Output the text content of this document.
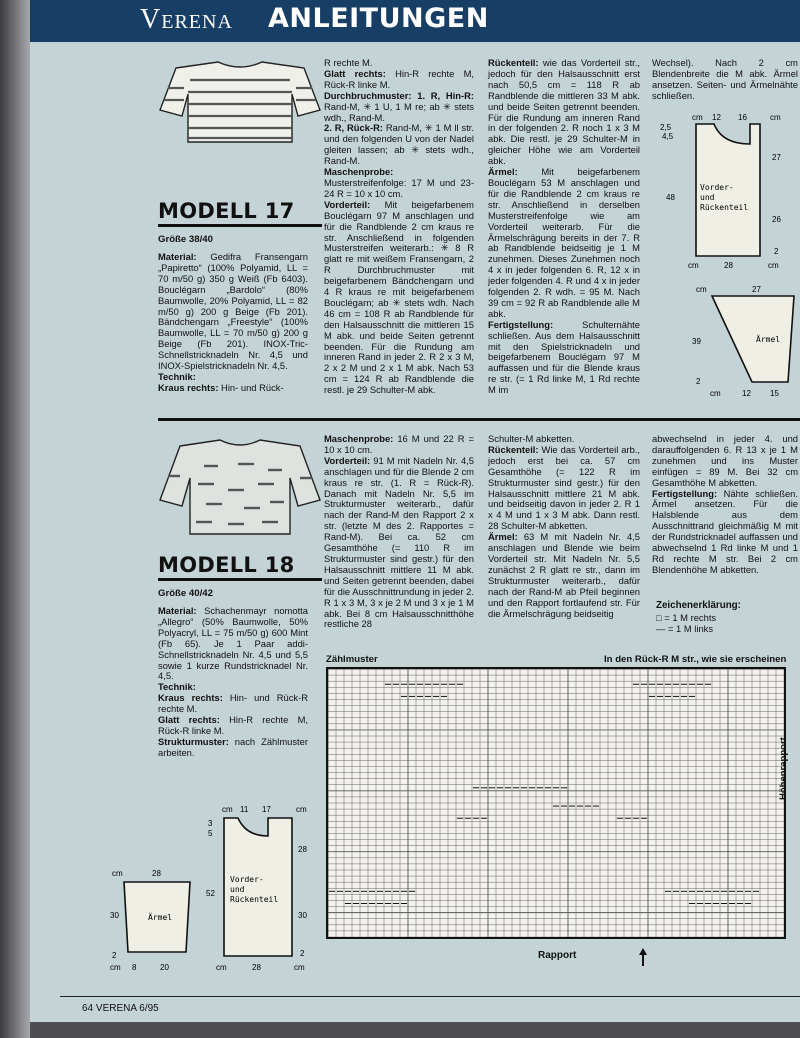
Verena ANLEITUNGEN
MODELL 17
Größe 38/40

Material: Gedifra Fransengarn „Papiretto“ (100% Polyamid, LL = 70 m/50 g) 350 g Weiß (Fb 6403). Bouclégarn „Bardolo“ (80% Baumwolle, 20% Polyamid, LL = 82 m/50 g) 200 g Beige (Fb 201). Bändchengarn „Freestyle“ (100% Baumwolle, LL = 70 m/50 g) 200 g Beige (Fb 201). INOX-Tric-Schnellstricknadeln Nr. 4,5 und INOX-Spielstricknadeln Nr. 4,5.

Technik:

Kraus rechts: Hin- und Rück-

R rechte M.

Glatt rechts: Hin-R rechte M, Rück-R linke M.

Durchbruchmuster: 1. R, Hin-R: Rand-M, ✳ 1 U, 1 M re; ab ✳ stets wdh., Rand-M.

2. R, Rück-R: Rand-M, ✳ 1 M ll str. und den folgenden U von der Nadel gleiten lassen; ab ✳ stets wdh., Rand-M.

Maschenprobe: Musterstreifenfolge: 17 M und 23-24 R = 10 x 10 cm.

Vorderteil: Mit beigefarbenem Bouclégarn 97 M anschlagen und für die Randblende 2 cm kraus re str. Anschließend in folgenden Musterstreifen weiterarb.: ✳ 8 R glatt re mit weißem Fransengarn, 2 R Durchbruchmuster mit beigefarbenem Bändchengarn und 4 R kraus re mit beigefarbenem Bouclégarn; ab ✳ stets wdh. Nach 46 cm = 108 R ab Randblende für den Halsausschnitt die mittleren 15 M abk. und beide Seiten getrennt beenden. Für die Rundung am inneren Rand in jeder 2. R 2 x 3 M, 2 x 2 M und 2 x 1 M abk. Nach 53 cm = 124 R ab Randblende die restl. je 29 Schulter-M abk.

Rückenteil: wie das Vorderteil str., jedoch für den Halsausschnitt erst nach 50,5 cm = 118 R ab Randblende die mittleren 33 M abk. und beide Seiten getrennt beenden. Für die Rundung am inneren Rand in der folgenden 2. R noch 1 x 3 M abk. Die restl. je 29 Schulter-M in gleicher Höhe wie am Vorderteil abk.

Ärmel: Mit beigefarbenem Bouclégarn 53 M anschlagen und für die Randblende 2 cm kraus re str. Anschließend in derselben Musterstreifenfolge wie am Vorderteil weiterarb. Für die Ärmelschrägung bereits in der 7. R ab Randblende beidseitig je 1 M zunehmen. Dieses Zunehmen noch 4 x in jeder folgenden 6. R, 12 x in jeder folgenden 4. R und 4 x in jeder folgenden 2. R wdh. = 95 M. Nach 39 cm = 92 R ab Randblende alle M abk.

Fertigstellung: Schulternähte schließen. Aus dem Halsausschnitt mit den Spielstricknadeln und beigefarbenem Bouclégarn 97 M auffassen und für die Blende kraus re str. (= 1 Rd linke M, 1 Rd rechte M im

Wechsel). Nach 2 cm Blendenbreite die M abk. Ärmel ansetzen. Seiten- und Ärmelnähte schließen.

Vorder-
und
Rückenteil
cm 12 16	cm
2,5
4,5
48
27
26
2
cm	28	cm
Ärmel
cm	27
39
2
cm	12 15
MODELL 18
Größe 40/42

Material: Schachenmayr nomotta „Allegro“ (50% Baumwolle, 50% Polyacryl, LL = 75 m/50 g) 600 Mint (Fb 65). Je 1 Paar addi-Schnellstricknadeln Nr. 4,5 und 5,5 sowie 1 kurze Rundstricknadel Nr. 4,5.

Technik:

Kraus rechts: Hin- und Rück-R rechte M.

Glatt rechts: Hin-R rechte M, Rück-R linke M.

Strukturmuster: nach Zählmuster arbeiten.

Maschenprobe: 16 M und 22 R = 10 x 10 cm.

Vorderteil: 91 M mit Nadeln Nr. 4,5 anschlagen und für die Blende 2 cm kraus re str. (1. R = Rück-R). Danach mit Nadeln Nr. 5,5 im Strukturmuster weiterarb., dafür nach der Rand-M den Rapport 2 x str. (letzte M des 2. Rapportes = Rand-M). Bei ca. 52 cm Gesamthöhe (= 110 R im Strukturmuster sind gestr.) für den Halsausschnitt mittlere 11 M abk. und Seiten getrennt beenden, dabei für die Ausschnittrundung in jeder 2. R 1 x 3 M, 3 x je 2 M und 3 x je 1 M abk. Bei 8 cm Halsausschnitthöhe restliche 28

Schulter-M abketten.

Rückenteil: Wie das Vorderteil arb., jedoch erst bei ca. 57 cm Gesamthöhe (= 122 R im Strukturmuster sind gestr.) für den Halsausschnitt mittlere 21 M abk. und beidseitig davon in jeder 2. R 1 x 4 M und 1 x 3 M abk. Dann restl. 28 Schulter-M abketten.

Ärmel: 63 M mit Nadeln Nr. 4,5 anschlagen und Blende wie beim Vorderteil str. Mit Nadeln Nr. 5,5 zunächst 2 R glatt re str., dann im Strukturmuster weiterarb., dafür nach der Rand-M ab Pfeil beginnen und den Rapport fortlaufend str. Für die Ärmelschrägung beidseitig

abwechselnd in jeder 4. und darauffolgenden 6. R 13 x je 1 M zunehmen und ins Muster einfügen = 89 M. Bei 32 cm Gesamthöhe M abketten.

Fertigstellung: Nähte schließen. Ärmel ansetzen. Für die Halsblende aus dem Ausschnittrand gleichmäßig M mit der Rundstricknadel auffassen und abwechselnd 1 Rd linke M und 1 Rd rechte M str. Bei 2 cm Blendenhöhe M abketten.

Zeichenerklärung:
□ = 1 M rechts
— = 1 M links
Zählmuster	In den Rück-R M str., wie sie erscheinen
Rapport
Höhenrapport
Ärmel
cm	28
30
2
cm 8	20
Vorder-
und
Rückenteil
cm 11 17	cm
3
5
52
28
30
2
cm	28	cm
64 VERENA 6/95
